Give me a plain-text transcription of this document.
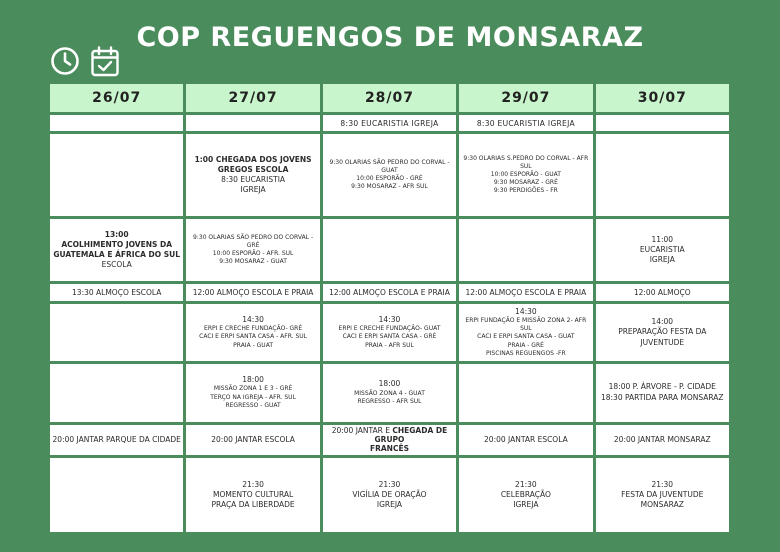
COP REGUENGOS DE MONSARAZ
26/07	27/07	28/07	29/07	30/07
		8:30 EUCARISTIA IGREJA	8:30 EUCARISTIA IGREJA	

	1:00 CHEGADA DOS JOVENS
GREGOS ESCOLA
8:30 EUCARISTIA
IGREJA	9:30 OLARIAS SÃO PEDRO DO CORVAL - GUAT
10:00 ESPORÃO - GRÉ
9:30 MOSARAZ - AFR SUL	9:30 OLARIAS S.PEDRO DO CORVAL - AFR SUL
10:00 ESPORÃO - GUAT
9:30 MOSARAZ - GRÉ
9:30 PERDIGÕES - FR	

13:00
ACOLHIMENTO JOVENS DA
GUATEMALA E ÁFRICA DO SUL
ESCOLA	9:30 OLARIAS SÃO PEDRO DO CORVAL - GRÉ
10:00 ESPORÃO - AFR. SUL
9:30 MOSARAZ - GUAT			11:00
EUCARISTIA
IGREJA

13:30 ALMOÇO ESCOLA	12:00 ALMOÇO ESCOLA E PRAIA	12:00 ALMOÇO ESCOLA E PRAIA	12:00 ALMOÇO ESCOLA E PRAIA	12:00 ALMOÇO

	14:30
ERPI E CRECHE FUNDAÇÃO- GRÉ
CACI E ERPI SANTA CASA - AFR. SUL
PRAIA - GUAT	14:30
ERPI E CRECHE FUNDAÇÃO- GUAT
CACI E ERPI SANTA CASA - GRÉ
PRAIA - AFR SUL	14:30
ERPI FUNDAÇÃO E MISSÃO ZONA 2- AFR SUL
CACI E ERPI SANTA CASA - GUAT
PRAIA - GRÉ
PISCINAS REGUENGOS -FR	14:00
PREPARAÇÃO FESTA DA JUVENTUDE

	18:00
MISSÃO ZONA 1 E 3 - GRÉ
TERÇO NA IGREJA - AFR. SUL
REGRESSO - GUAT	18:00
MISSÃO ZONA 4 - GUAT
REGRESSO - AFR SUL		18:00 P. ÁRVORE - P. CIDADE
18:30 PARTIDA PARA MONSARAZ

20:00 JANTAR PARQUE DA CIDADE	20:00 JANTAR ESCOLA	20:00 JANTAR E CHEGADA DE GRUPO
FRANCÊS	20:00 JANTAR ESCOLA	20:00 JANTAR MONSARAZ

	21:30
MOMENTO CULTURAL
PRAÇA DA LIBERDADE	21:30
VIGÍLIA DE ORAÇÃO
IGREJA	21:30
CELEBRAÇÃO
IGREJA	21:30
FESTA DA JUVENTUDE
MONSARAZ
